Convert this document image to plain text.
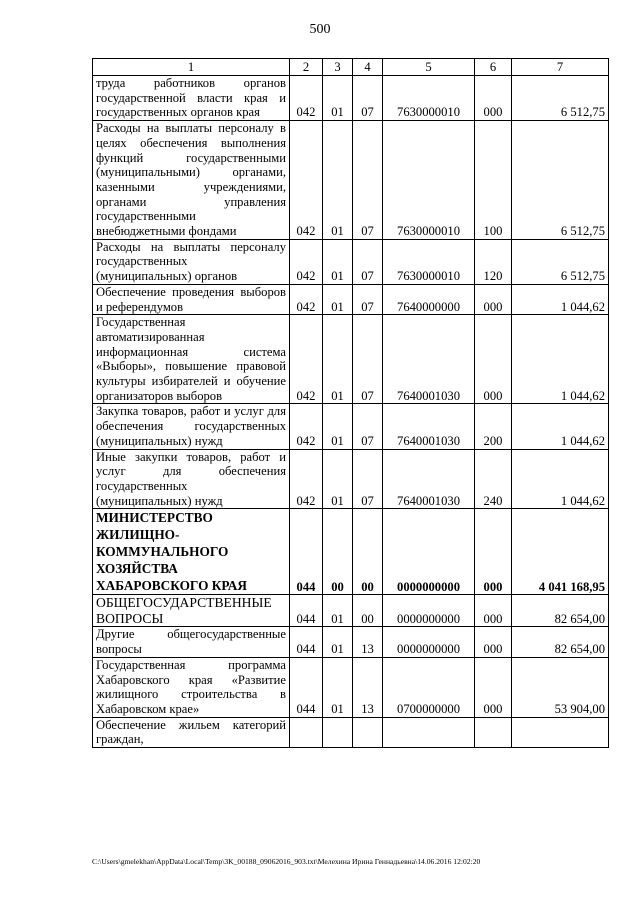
500
1	2	3	4	5	6	7
труда работников органов государственной власти края и государственных органов края	042	01	07	7630000010	000	6 512,75
Расходы на выплаты персоналу в целях обеспечения выполнения функций государственными (муниципальными) органами, казенными учреждениями, органами управления государственными внебюджетными фондами	042	01	07	7630000010	100	6 512,75
Расходы на выплаты персоналу государственных (муниципальных) органов	042	01	07	7630000010	120	6 512,75
Обеспечение проведения выборов и референдумов	042	01	07	7640000000	000	1 044,62
Государственная автоматизированная информационная система «Выборы», повышение правовой культуры избирателей и обучение организаторов выборов	042	01	07	7640001030	000	1 044,62
Закупка товаров, работ и услуг для обеспечения государственных (муниципальных) нужд	042	01	07	7640001030	200	1 044,62
Иные закупки товаров, работ и услуг для обеспечения государственных (муниципальных) нужд	042	01	07	7640001030	240	1 044,62
МИНИСТЕРСТВО ЖИЛИЩНО-КОММУНАЛЬНОГО ХОЗЯЙСТВА ХАБАРОВСКОГО КРАЯ	044	00	00	0000000000	000	4 041 168,95
ОБЩЕГОСУДАРСТВЕННЫЕ ВОПРОСЫ	044	01	00	0000000000	000	82 654,00
Другие общегосударственные вопросы	044	01	13	0000000000	000	82 654,00
Государственная программа Хабаровского края «Развитие жилищного строительства в Хабаровском крае»	044	01	13	0700000000	000	53 904,00
Обеспечение жильем категорий граждан,						
C:\Users\gmelekhan\AppData\Local\Temp\3K_00188_09062016_903.txt\Мелехина Ирина Геннадьевна\14.06.2016 12:02:20
